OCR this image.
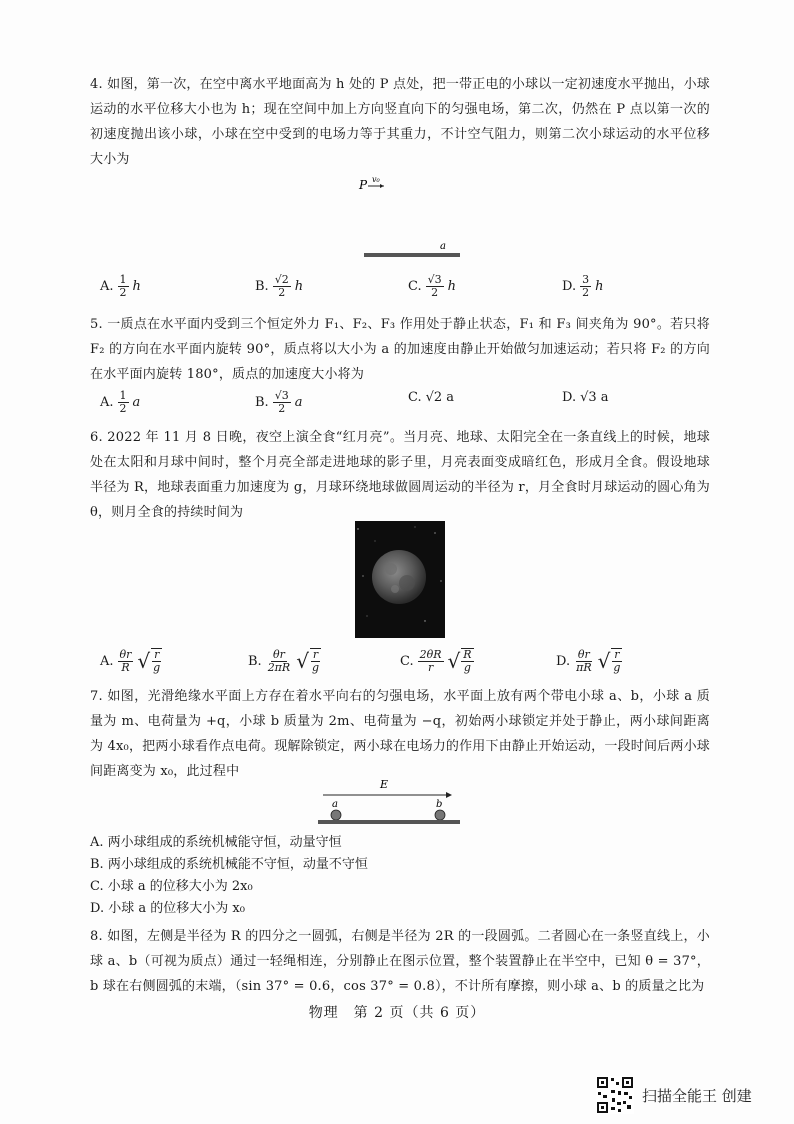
4. 如图，第一次，在空中离水平地面高为 h 处的 P 点处，把一带正电的小球以一定初速度水平抛出，小球运动的水平位移大小也为 h；现在空间中加上方向竖直向下的匀强电场，第二次，仍然在 P 点以第一次的初速度抛出该小球，小球在空中受到的电场力等于其重力，不计空气阻力，则第二次小球运动的水平位移大小为
P v₀
a
A. $\frac{1}{2}$ h	B. $\frac{√2}{2}$ h	C. $\frac{√3}{2}$ h	D. $\frac{3}{2}$ h
5. 一质点在水平面内受到三个恒定外力 F₁、F₂、F₃ 作用处于静止状态，F₁ 和 F₃ 间夹角为 90°。若只将 F₂ 的方向在水平面内旋转 90°，质点将以大小为 a 的加速度由静止开始做匀加速运动；若只将 F₂ 的方向在水平面内旋转 180°，质点的加速度大小将为
A. $\frac{1}{2}$ a	B. $\frac{√3}{2}$ a	C. √2 a	D. √3 a
6. 2022 年 11 月 8 日晚，夜空上演全食“红月亮”。当月亮、地球、太阳完全在一条直线上的时候，地球处在太阳和月球中间时，整个月亮全部走进地球的影子里，月亮表面变成暗红色，形成月全食。假设地球半径为 R，地球表面重力加速度为 g，月球环绕地球做圆周运动的半径为 r，月全食时月球运动的圆心角为 θ，则月全食的持续时间为
A. $\frac{\theta r}{R}$ √ $\frac{r}{g}$	B. $\frac{\theta r}{2\pi R}$ √ $\frac{r}{g}$	C. $\frac{2\theta R}{r}$ √ $\frac{R}{g}$	D. $\frac{\theta r}{\pi R}$ √ $\frac{r}{g}$
7. 如图，光滑绝缘水平面上方存在着水平向右的匀强电场，水平面上放有两个带电小球 a、b，小球 a 质量为 m、电荷量为 +q，小球 b 质量为 2m、电荷量为 −q，初始两小球锁定并处于静止，两小球间距离为 4x₀，把两小球看作点电荷。现解除锁定，两小球在电场力的作用下由静止开始运动，一段时间后两小球间距离变为 x₀，此过程中
E
a	b
A. 两小球组成的系统机械能守恒，动量守恒
B. 两小球组成的系统机械能不守恒，动量不守恒
C. 小球 a 的位移大小为 2x₀
D. 小球 a 的位移大小为 x₀
8. 如图，左侧是半径为 R 的四分之一圆弧，右侧是半径为 2R 的一段圆弧。二者圆心在一条竖直线上，小球 a、b（可视为质点）通过一轻绳相连，分别静止在图示位置，整个装置静止在半空中，已知 θ = 37°，b 球在右侧圆弧的末端，（sin 37° = 0.6，cos 37° = 0.8），不计所有摩擦，则小球 a、b 的质量之比为
物理　第 2 页（共 6 页）
扫描全能王 创建
